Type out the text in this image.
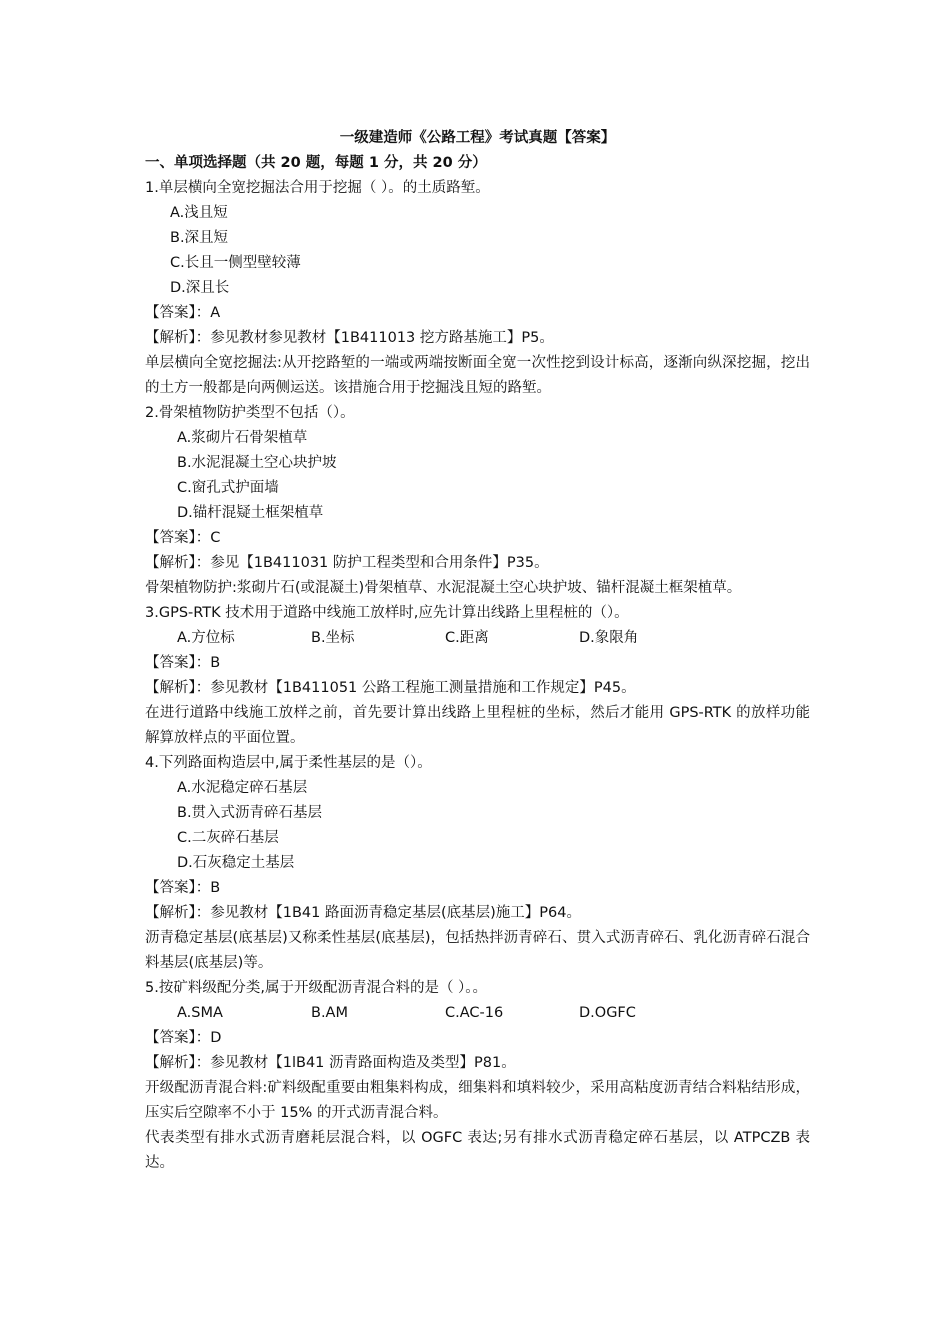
一级建造师《公路工程》考试真题【答案】
一、单项选择题（共 20 题，每题 1 分，共 20 分）
1.单层横向全宽挖掘法合用于挖掘（ ）。的土质路堑。
A.浅且短
B.深且短
C.长且一侧型壁较薄
D.深且长
【答案】：A
【解析】：参见教材参见教材【1B411013 挖方路基施工】P5。
单层横向全宽挖掘法:从开挖路堑的一端或两端按断面全宽一次性挖到设计标高，逐渐向纵深挖掘，挖出的土方一般都是向两侧运送。该措施合用于挖掘浅且短的路堑。
2.骨架植物防护类型不包括（）。
A.浆砌片石骨架植草
B.水泥混凝土空心块护坡
C.窗孔式护面墙
D.锚杆混疑土框架植草
【答案】：C
【解析】：参见【1B411031 防护工程类型和合用条件】P35。
骨架植物防护:浆砌片石(或混凝土)骨架植草、水泥混凝土空心块护坡、锚杆混凝土框架植草。
3.GPS-RTK 技术用于道路中线施工放样时,应先计算出线路上里程桩的（）。
A.方位标	B.坐标	C.距离	D.象限角
【答案】：B
【解析】：参见教材【1B411051 公路工程施工测量措施和工作规定】P45。
在进行道路中线施工放样之前，首先要计算出线路上里程桩的坐标，然后才能用 GPS-RTK 的放样功能解算放样点的平面位置。
4.下列路面构造层中,属于柔性基层的是（）。
A.水泥稳定碎石基层
B.贯入式沥青碎石基层
C.二灰碎石基层
D.石灰稳定土基层
【答案】：B
【解析】：参见教材【1B41 路面沥青稳定基层(底基层)施工】P64。
沥青稳定基层(底基层)又称柔性基层(底基层)，包括热拌沥青碎石、贯入式沥青碎石、乳化沥青碎石混合料基层(底基层)等。
5.按矿料级配分类,属于开级配沥青混合料的是（ ）。。
A.SMA	B.AM	C.AC-16	D.OGFC
【答案】：D
【解析】：参见教材【1lB41 沥青路面构造及类型】P81。
开级配沥青混合料:矿料级配重要由粗集料构成，细集料和填料较少，采用高粘度沥青结合料粘结形成，压实后空隙率不小于 15% 的开式沥青混合料。
代表类型有排水式沥青磨耗层混合料，以 OGFC 表达;另有排水式沥青稳定碎石基层，以 ATPCZB 表达。
